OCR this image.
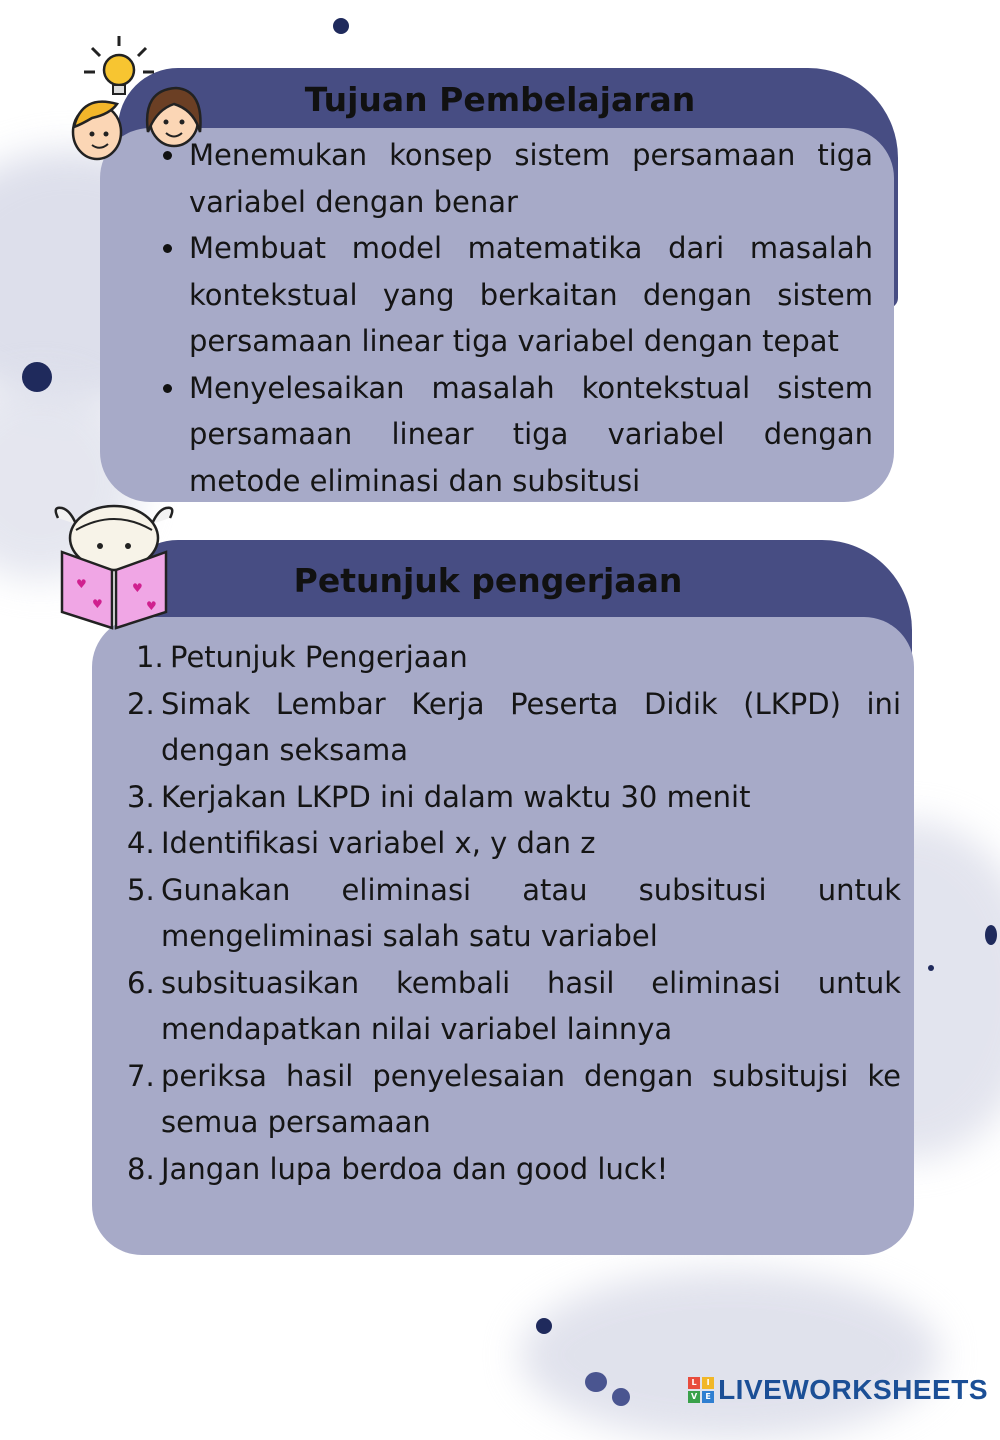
Tujuan Pembelajaran
Menemukan konsep sistem persamaan tiga variabel dengan benar
Membuat model matematika dari masalah kontekstual yang berkaitan dengan sistem persamaan linear tiga variabel dengan tepat
Menyelesaikan masalah kontekstual sistem persamaan linear tiga variabel dengan metode eliminasi dan subsitusi
Petunjuk pengerjaan
1. Petunjuk Pengerjaan
2. Simak Lembar Kerja Peserta Didik (LKPD) ini dengan seksama
3. Kerjakan LKPD ini dalam waktu 30 menit
4. Identifikasi variabel x, y dan z
5. Gunakan eliminasi atau subsitusi untuk mengeliminasi salah satu variabel
6. subsituasikan kembali hasil eliminasi untuk mendapatkan nilai variabel lainnya
7. periksa hasil penyelesaian dengan subsitujsi ke semua persamaan
8. Jangan lupa berdoa dan good luck!
♥
♥
♥
♥
L	I
V	E LIVEWORKSHEETS
